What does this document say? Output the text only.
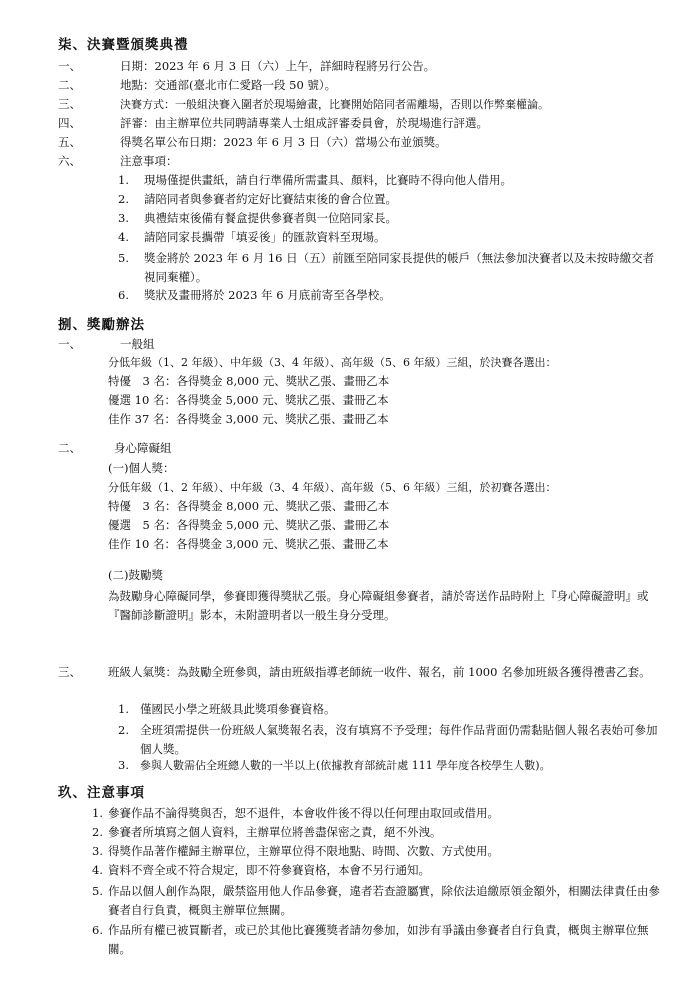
柒、決賽暨頒獎典禮
一、	日期：2023 年 6 月 3 日（六）上午，詳細時程將另行公告。
二、	地點：交通部(臺北市仁愛路一段 50 號）。
三、	決賽方式：一般組決賽入圍者於現場繪畫，比賽開始陪同者需離場，否則以作弊棄權論。
四、	評審：由主辦單位共同聘請專業人士組成評審委員會，於現場進行評選。
五、	得獎名單公布日期：2023 年 6 月 3 日（六）當場公布並頒獎。
六、	注意事項：
1.	現場僅提供畫紙，請自行準備所需畫具、顏料，比賽時不得向他人借用。
2.	請陪同者與參賽者約定好比賽結束後的會合位置。
3.	典禮結束後備有餐盒提供參賽者與一位陪同家長。
4.	請陪同家長攜帶「填妥後」的匯款資料至現場。
5.	獎金將於 2023 年 6 月 16 日（五）前匯至陪同家長提供的帳戶（無法參加決賽者以及未按時繳交者視同棄權）。
6.	獎狀及畫冊將於 2023 年 6 月底前寄至各學校。
捌、獎勵辦法
一、	一般組
分低年級（1、2 年級）、中年級（3、4 年級）、高年級（5、6 年級）三組，於決賽各選出：
特優　3 名：各得獎金 8,000 元、獎狀乙張、畫冊乙本
優選 10 名：各得獎金 5,000 元、獎狀乙張、畫冊乙本
佳作 37 名：各得獎金 3,000 元、獎狀乙張、畫冊乙本
二、	身心障礙組
(一)個人獎：
分低年級（1、2 年級）、中年級（3、4 年級）、高年級（5、6 年級）三組，於初賽各選出：
特優　3 名：各得獎金 8,000 元、獎狀乙張、畫冊乙本
優選　5 名：各得獎金 5,000 元、獎狀乙張、畫冊乙本
佳作 10 名：各得獎金 3,000 元、獎狀乙張、畫冊乙本
(二)鼓勵獎
為鼓勵身心障礙同學，參賽即獲得獎狀乙張。身心障礙組參賽者，請於寄送作品時附上『身心障礙證明』或『醫師診斷證明』影本，未附證明者以一般生身分受理。
三、	班級人氣獎：為鼓勵全班參與，請由班級指導老師統一收件、報名，前 1000 名參加班級各獲得禮書乙套。
1. 僅國民小學之班級具此獎項參賽資格。
2. 全班須需提供一份班級人氣獎報名表，沒有填寫不予受理；每件作品背面仍需黏貼個人報名表始可參加個人獎。
3.	參與人數需佔全班總人數的一半以上(依據教育部統計處 111 學年度各校學生人數)。
玖、注意事項
1. 參賽作品不論得獎與否，恕不退件，本會收件後不得以任何理由取回或借用。
2. 參賽者所填寫之個人資料，主辦單位將善盡保密之責，絕不外洩。
3. 得獎作品著作權歸主辦單位，主辦單位得不限地點、時間、次數、方式使用。
4. 資料不齊全或不符合規定，即不符參賽資格，本會不另行通知。
5. 作品以個人創作為限，嚴禁盜用他人作品參賽，違者若查證屬實，除依法追繳原領金額外，相關法律責任由參賽者自行負責，概與主辦單位無關。
6. 作品所有權已被買斷者，或已於其他比賽獲獎者請勿參加，如涉有爭議由參賽者自行負責，概與主辦單位無關。
